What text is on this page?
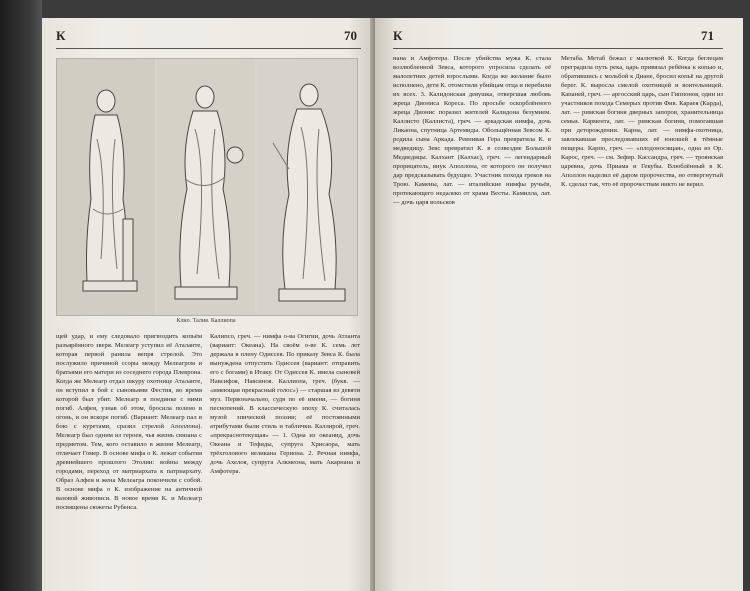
К	70
Клио. Талия. Каллиопа
щей удар, и ему следовало пригвоздить копьём разъярённого зверя. Мелеагр уступил её Аталанте, которая первой ранила вепря стрелой. Это послужило причиной ссоры между Мелеагром и братьями его матери из соседнего города Плеврона. Когда же Мелеагр отдал шкуру охотнице Аталанте, он вступил в бой с сыновьями Фестия, во время которой был убит. Мелеагр в поединке с ними погиб. Алфея, узнав об этом, бросила полено в огонь, и он вскоре погиб. (Вариант: Мелеагр пал в бою с куретами, сразил стрелой Аполлона). Мелеагр был одним из героев, чья жизнь связана с предметом. Тем, кого оставило в жизни Мелеагр, отличает Гомер. В основе мифа о К. лежат события древнейшего прошлого Этолии: войны между городами, переход от матриархата к патриархату. Образ Алфеи и жена Мелеагра покончили с собой. В основе мифа о К. изображение на античной вазовой живописи. В новое время К. и Мелеагр посвящены сюжеты Рубенса.
Калипсо, греч. — нимфа о-ва Огигии, дочь Атланта (вариант: Океана). На своём о-ве К. семь лет держала в плену Одиссея. По приказу Зевса К. была вынуждена отпустить Одиссея (вариант: отправить его с богами) в Итаку. От Одиссея К. имела сыновей Навсифоя, Навсиноя. Каллиопа, греч. (букв. — «имеющая прекрасный голос») — старшая из девяти муз. Первоначально, судя по её имени, — богиня песнопений. В классическую эпоху К. считалась музой эпической поэзии; её постоянными атрибутами были стиль и таблички. Каллирой, греч. «прекраснотекущая» — 1. Одна из океанид, дочь Океана и Тефиды, супруга Хрисаора, мать трёхголового великана Гериона. 2. Речная нимфа, дочь Ахелоя, супруга Алкмеона, мать Акарнана и Амфотера.
К	71
нана и Амфотера. После убийства мужа К. стала возлюбленной Зевса, которого упросила сделать её малолетних детей взрослыми. Когда же желание было исполнено, дети К. отомстили убийцам отца и перебили их всех. 3. Калидонская девушка, отвергшая любовь жреца Диониса Кореса. По просьбе оскорблённого жреца Дионис поразил жителей Калидона безумием. Каллисто (Каллиста), греч. — аркадская нимфа, дочь Ликаона, спутница Артемиды. Обольщённая Зевсом К. родила сына Аркада. Ревнивая Гера превратила К. в медведицу. Зевс превратил К. в созвездие Большой Медведицы. Калхант (Калхас), греч. — легендарный прорицатель, внук Аполлона, от которого он получил дар предсказывать будущее. Участник похода греков на Трою. Камены, лат. — италийские нимфы ручьёв, протекающего недалеко от храма Весты. Камилла, лат. — дочь царя вольсков
Метаба. Метаб бежал с малюткой К. Когда беглецам преградила путь река, царь привязал ребёнка к копью и, обратившись с мольбой к Диане, бросил копьё на другой берег. К. выросла смелой охотницей и воительницей. Капаней, греч. — аргосский царь, сын Гиппоноя, один из участников похода Семерых против Фив. Караея (Карда), лат. — римская богиня дверных запоров, хранительница семьи. Карментa, лат. — римская богиня, помогавшая при деторождении. Карна, лат. — нимфа-охотница, завлекавшая преследовавших её юношей в тёмные пещеры. Карпо, греч. — «плодоносящая», одна из Ор. Карос, греч. — см. Зефир. Кассандра, греч. — троянская царевна, дочь Приама и Гекубы. Влюблённый в К. Аполлон наделил её даром пророчества, но отвергнутый К. сделал так, что её пророчествам никто не верил.
